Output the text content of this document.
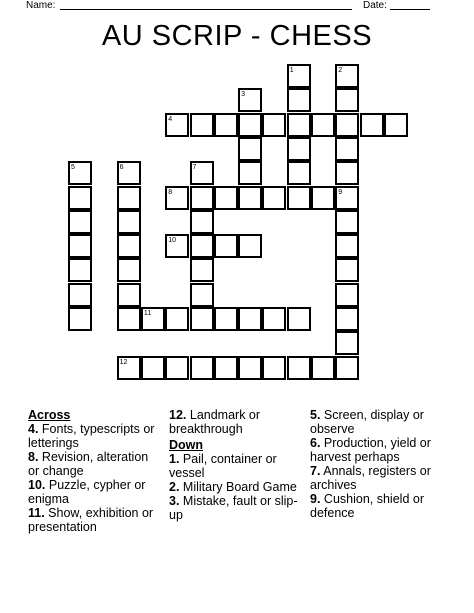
Name:	Date:
AU SCRIP - CHESS
1	2
3
4
5	6	7
8	9
10
11
12
Across
4. Fonts, typescripts or letterings
8. Revision, alteration or change
10. Puzzle, cypher or enigma
11. Show, exhibition or presentation
12. Landmark or breakthrough
Down
1. Pail, container or vessel
2. Military Board Game
3. Mistake, fault or slip-up
5. Screen, display or observe
6. Production, yield or harvest perhaps
7. Annals, registers or archives
9. Cushion, shield or defence
